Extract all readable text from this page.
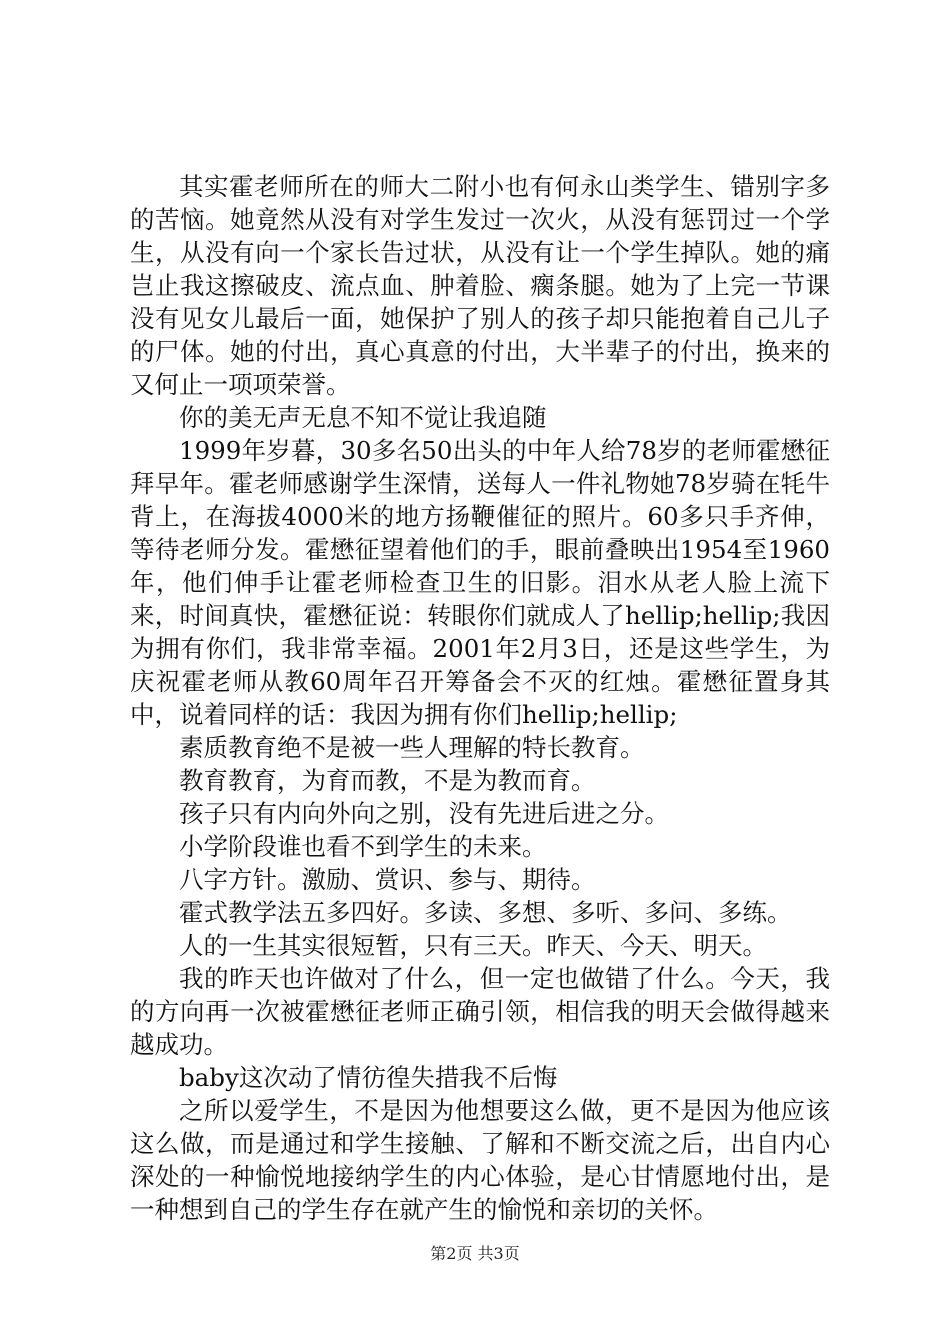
其实霍老师所在的师大二附小也有何永山类学生、错别字多的苦恼。她竟然从没有对学生发过一次火，从没有惩罚过一个学生，从没有向一个家长告过状，从没有让一个学生掉队。她的痛岂止我这擦破皮、流点血、肿着脸、瘸条腿。她为了上完一节课没有见女儿最后一面，她保护了别人的孩子却只能抱着自己儿子的尸体。她的付出，真心真意的付出，大半辈子的付出，换来的又何止一项项荣誉。

你的美无声无息不知不觉让我追随

1999年岁暮，30多名50出头的中年人给78岁的老师霍懋征拜早年。霍老师感谢学生深情，送每人一件礼物她78岁骑在牦牛背上，在海拔4000米的地方扬鞭催征的照片。60多只手齐伸，等待老师分发。霍懋征望着他们的手，眼前叠映出1954至1960年，他们伸手让霍老师检查卫生的旧影。泪水从老人脸上流下来，时间真快，霍懋征说：转眼你们就成人了hellip;hellip;我因为拥有你们，我非常幸福。2001年2月3日，还是这些学生，为庆祝霍老师从教60周年召开筹备会不灭的红烛。霍懋征置身其中，说着同样的话：我因为拥有你们hellip;hellip;

素质教育绝不是被一些人理解的特长教育。

教育教育，为育而教，不是为教而育。

孩子只有内向外向之别，没有先进后进之分。

小学阶段谁也看不到学生的未来。

八字方针。激励、赏识、参与、期待。

霍式教学法五多四好。多读、多想、多听、多问、多练。

人的一生其实很短暂，只有三天。昨天、今天、明天。

我的昨天也许做对了什么，但一定也做错了什么。今天，我的方向再一次被霍懋征老师正确引领，相信我的明天会做得越来越成功。

baby这次动了情彷徨失措我不后悔

之所以爱学生，不是因为他想要这么做，更不是因为他应该这么做，而是通过和学生接触、了解和不断交流之后，出自内心深处的一种愉悦地接纳学生的内心体验，是心甘情愿地付出，是一种想到自己的学生存在就产生的愉悦和亲切的关怀。

第2页 共3页
